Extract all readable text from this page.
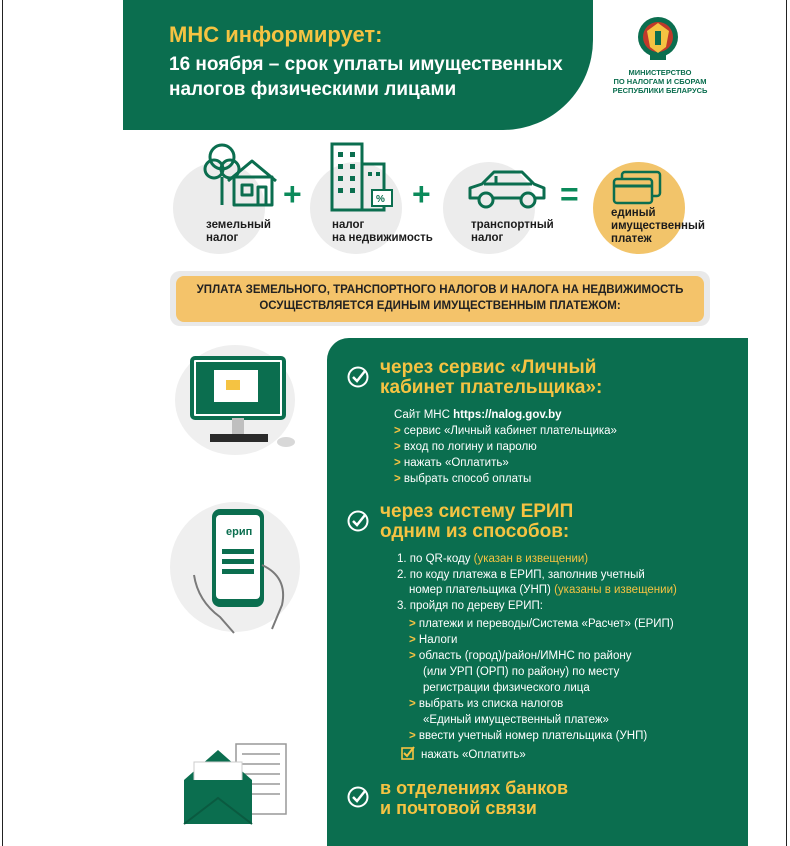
МНС информирует:
16 ноября – срок уплаты имущественных
налогов физическими лицами
МИНИСТЕРСТВО
ПО НАЛОГАМ И СБОРАМ
РЕСПУБЛИКИ БЕЛАРУСЬ
земельный
налог
+	%
налог
на недвижимость
+
транспортный
налог
=
единый
имущественный
платеж
УПЛАТА ЗЕМЕЛЬНОГО, ТРАНСПОРТНОГО НАЛОГОВ И НАЛОГА НА НЕДВИЖИМОСТЬ
ОСУЩЕСТВЛЯЕТСЯ ЕДИНЫМ ИМУЩЕСТВЕННЫМ ПЛАТЕЖОМ:
ерип
через сервис «Личный
кабинет плательщика»:
Сайт МНС https://nalog.gov.by
> сервис «Личный кабинет плательщика»
> вход по логину и паролю
> нажать «Оплатить»
> выбрать способ оплаты
через систему ЕРИП
одним из способов:
1. по QR-коду (указан в извещении)
2. по коду платежа в ЕРИП, заполнив учетный
номер плательщика (УНП) (указаны в извещении)
3. пройдя по дереву ЕРИП:
> платежи и переводы/Система «Расчет» (ЕРИП)
> Налоги
> область (город)/район/ИМНС по району
(или УРП (ОРП) по району) по месту
регистрации физического лица
> выбрать из списка налогов
«Единый имущественный платеж»
> ввести учетный номер плательщика (УНП)
нажать «Оплатить»
в отделениях банков
и почтовой связи
